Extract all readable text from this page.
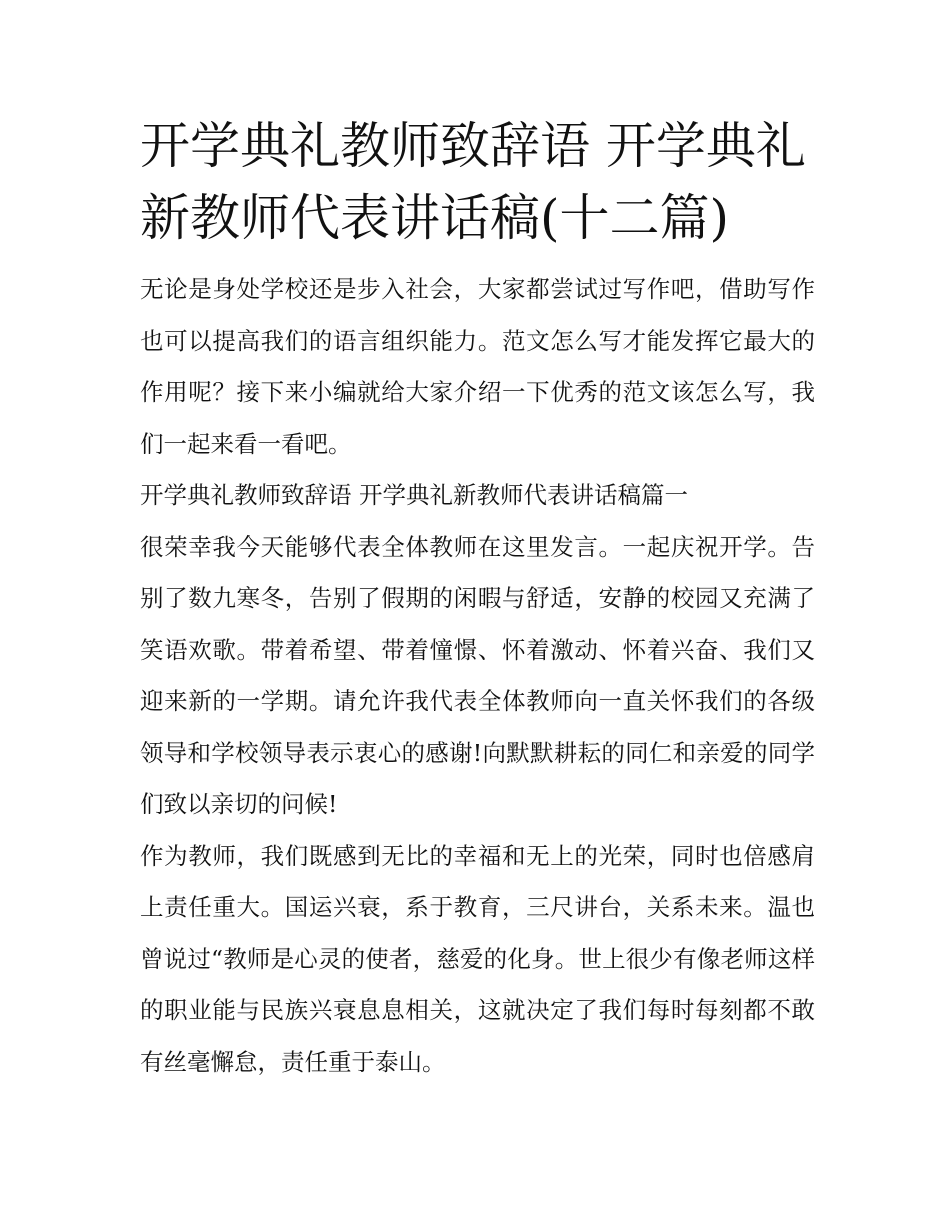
开学典礼教师致辞语 开学典礼
新教师代表讲话稿(十二篇)

无论是身处学校还是步入社会，大家都尝试过写作吧，借助写作也可以提高我们的语言组织能力。范文怎么写才能发挥它最大的作用呢？接下来小编就给大家介绍一下优秀的范文该怎么写，我们一起来看一看吧。

开学典礼教师致辞语 开学典礼新教师代表讲话稿篇一

很荣幸我今天能够代表全体教师在这里发言。一起庆祝开学。告别了数九寒冬，告别了假期的闲暇与舒适，安静的校园又充满了笑语欢歌。带着希望、带着憧憬、怀着激动、怀着兴奋、我们又迎来新的一学期。请允许我代表全体教师向一直关怀我们的各级领导和学校领导表示衷心的感谢!向默默耕耘的同仁和亲爱的同学们致以亲切的问候!

作为教师，我们既感到无比的幸福和无上的光荣，同时也倍感肩上责任重大。国运兴衰，系于教育，三尺讲台，关系未来。温也曾说过“教师是心灵的使者，慈爱的化身。世上很少有像老师这样的职业能与民族兴衰息息相关，这就决定了我们每时每刻都不敢有丝毫懈怠，责任重于泰山。
